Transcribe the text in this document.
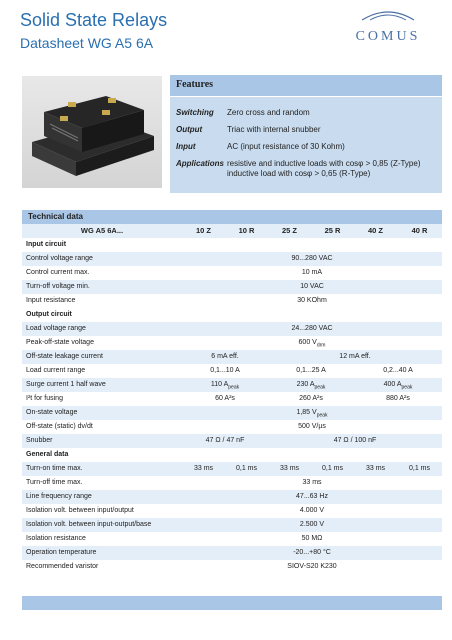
Solid State Relays
Datasheet WG A5 6A	COMUS
Features
Switching Zero cross and random
Output	Triac with internal snubber
Input	AC (input resistance of 30 Kohm)
Applications resistive and inductive loads with cosφ > 0,85 (Z-Type)
inductive load with cosφ > 0,65 (R-Type)
Technical data
WG A5 6A...	10 Z	10 R	25 Z	25 R	40 Z	40 R
Input circuit
Control voltage range	90...280 VAC
Control current max.	10 mA
Turn-off voltage min.	10 VAC
Input resistance	30 KOhm
Output circuit
Load voltage range	24...280 VAC
Peak-off-state voltage	600 $V_{drm}$
Off-state leakage current	6 mA eff.	12 mA eff.
Load current range	0,1...10 A	0,1...25 A	0,2...40 A
Surge current 1 half wave	110 $A_{peak}$	230 $A_{peak}$	400 $A_{peak}$
I²t for fusing	60 A²s	260 A²s	880 A²s
On-state voltage	1,85 $V_{peak}$
Off-state (static) dv/dt	500 V/µs
Snubber	47 Ω / 47 nF	47 Ω / 100 nF
General data
Turn-on time max.	33 ms	0,1 ms	33 ms	0,1 ms	33 ms	0,1 ms
Turn-off time max.	33 ms
Line frequency range	47...63 Hz
Isolation volt. between input/output	4.000 V
Isolation volt. between input-output/base	2.500 V
Isolation resistance	50 MΩ
Operation temperature	-20...+80 °C
Recommended varistor	SIOV-S20 K230
